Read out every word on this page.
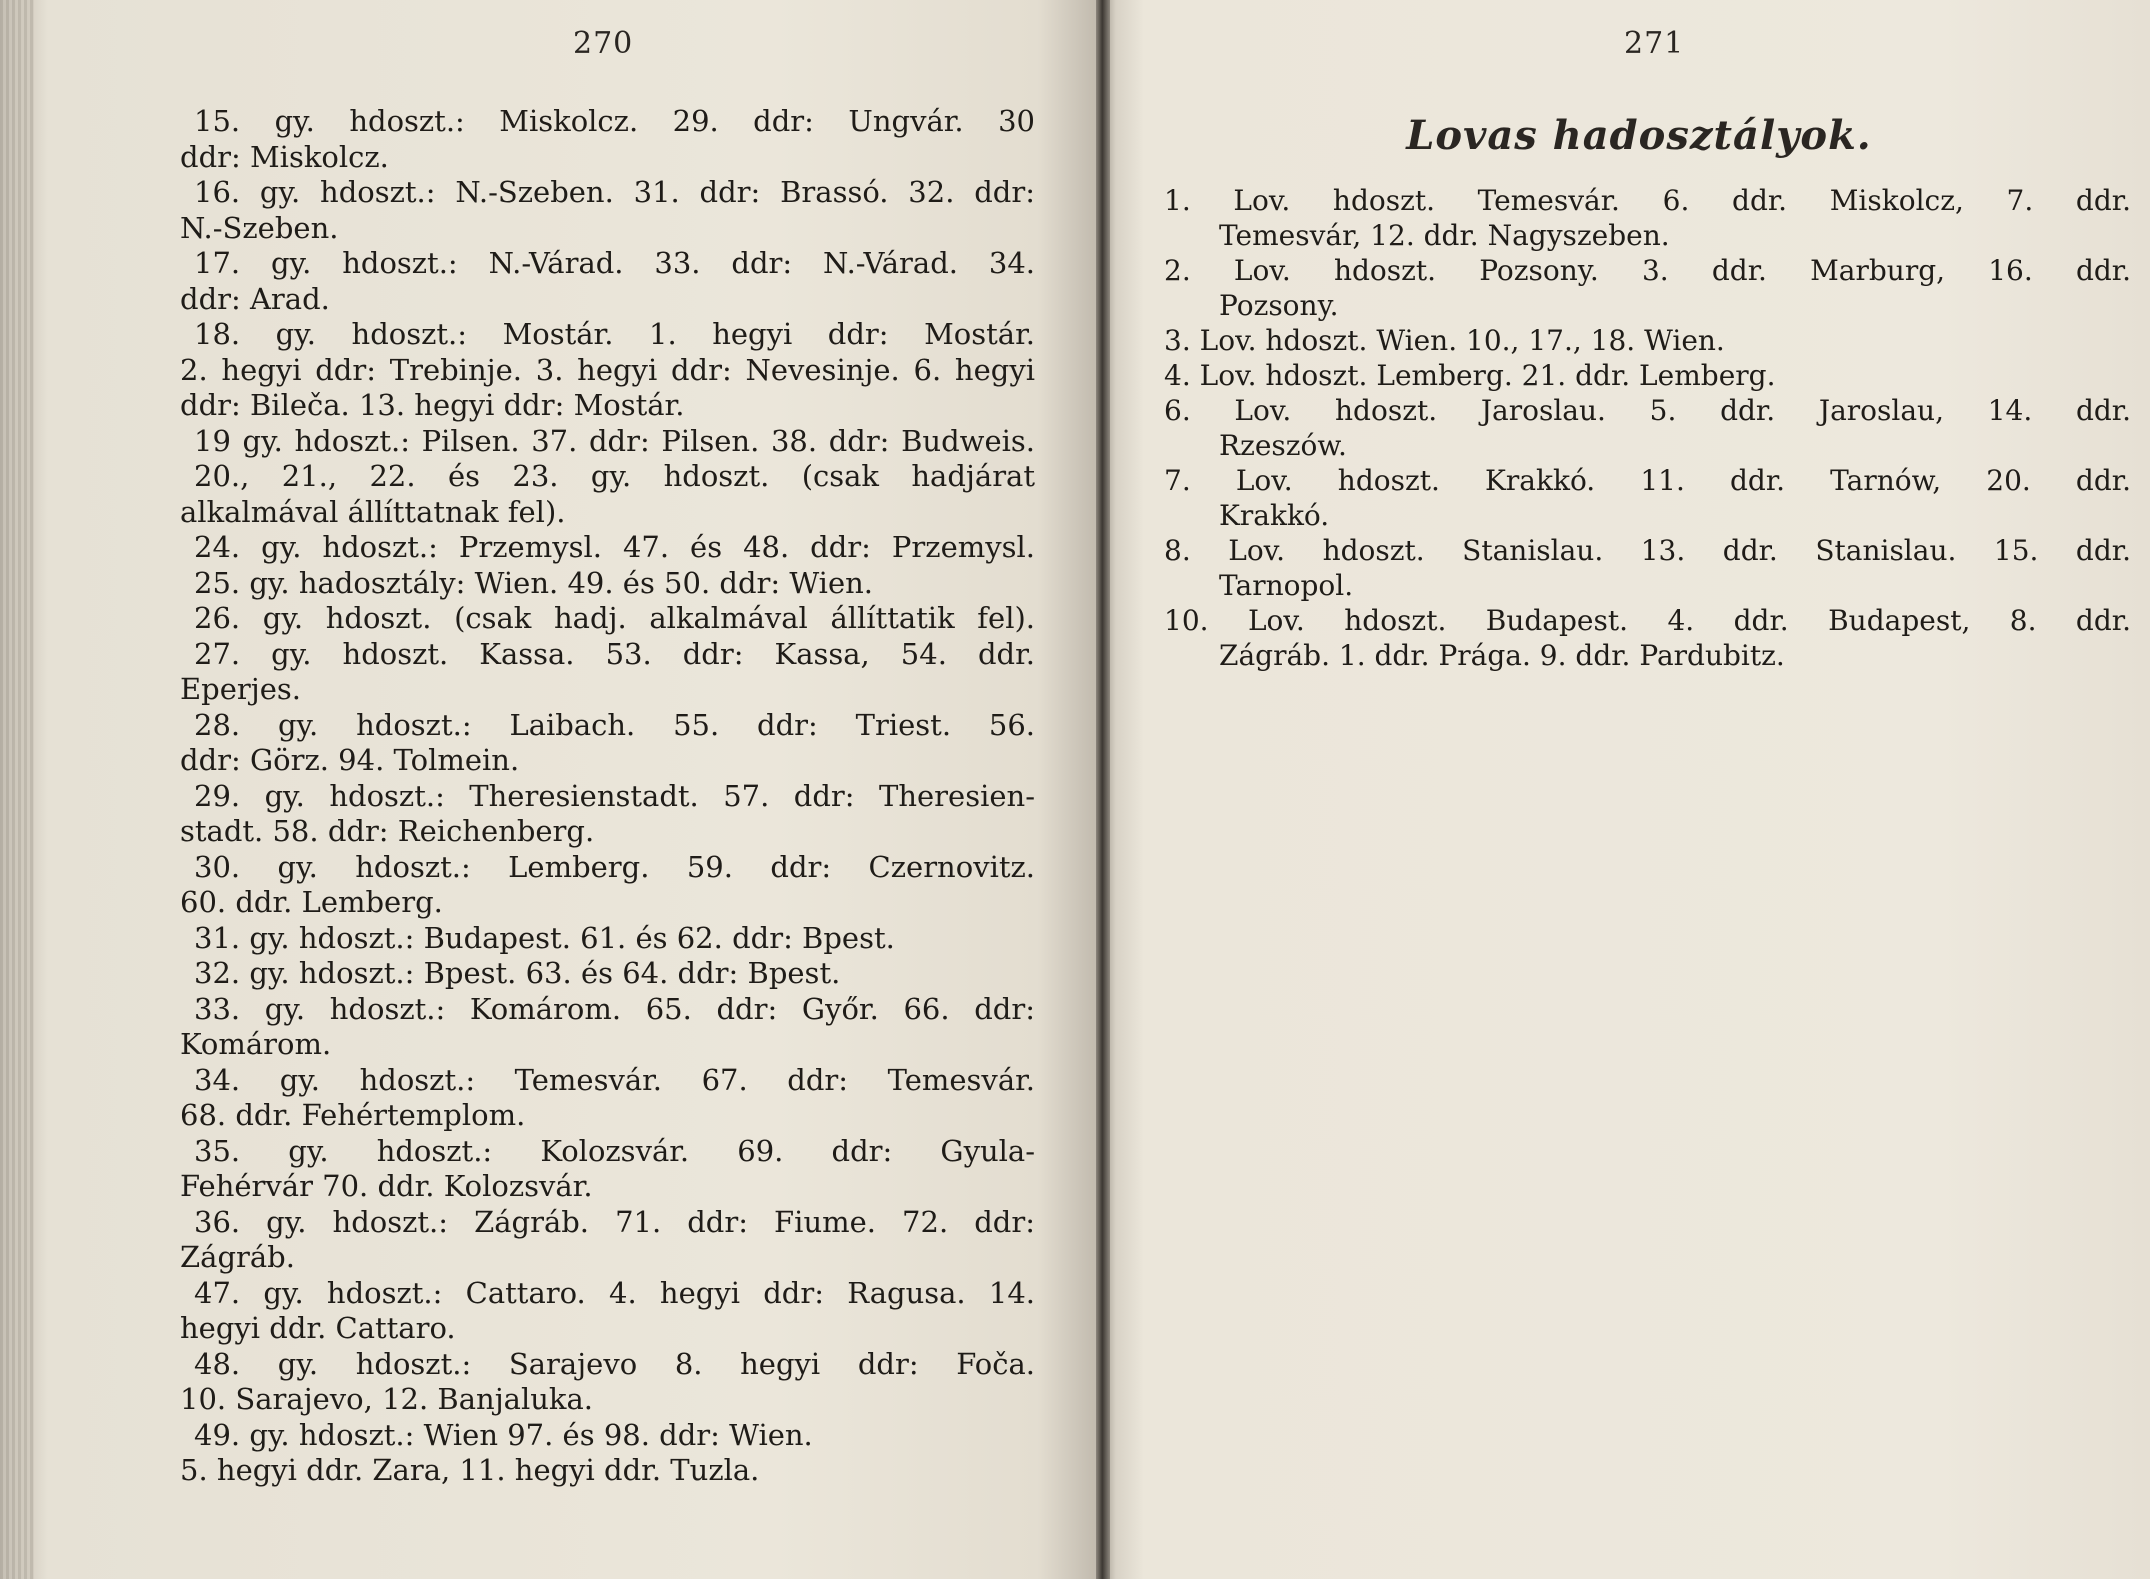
270
15. gy. hdoszt.: Miskolcz. 29. ddr: Ungvár. 30
ddr: Miskolcz.
16. gy. hdoszt.: N.-Szeben. 31. ddr: Brassó. 32. ddr:
N.-Szeben.
17. gy. hdoszt.: N.-Várad. 33. ddr: N.-Várad. 34.
ddr: Arad.
18. gy. hdoszt.: Mostár. 1. hegyi ddr: Mostár.
2. hegyi ddr: Trebinje. 3. hegyi ddr: Nevesinje. 6. hegyi
ddr: Bileča. 13. hegyi ddr: Mostár.
19 gy. hdoszt.: Pilsen. 37. ddr: Pilsen. 38. ddr: Budweis.
20., 21., 22. és 23. gy. hdoszt. (csak hadjárat
alkalmával állíttatnak fel).
24. gy. hdoszt.: Przemysl. 47. és 48. ddr: Przemysl.
25. gy. hadosztály: Wien. 49. és 50. ddr: Wien.
26. gy. hdoszt. (csak hadj. alkalmával állíttatik fel).
27. gy. hdoszt. Kassa. 53. ddr: Kassa, 54. ddr.
Eperjes.
28. gy. hdoszt.: Laibach. 55. ddr: Triest. 56.
ddr: Görz. 94. Tolmein.
29. gy. hdoszt.: Theresienstadt. 57. ddr: Theresien-
stadt. 58. ddr: Reichenberg.
30. gy. hdoszt.: Lemberg. 59. ddr: Czernovitz.
60. ddr. Lemberg.
31. gy. hdoszt.: Budapest. 61. és 62. ddr: Bpest.
32. gy. hdoszt.: Bpest. 63. és 64. ddr: Bpest.
33. gy. hdoszt.: Komárom. 65. ddr: Győr. 66. ddr:
Komárom.
34. gy. hdoszt.: Temesvár. 67. ddr: Temesvár.
68. ddr. Fehértemplom.
35. gy. hdoszt.: Kolozsvár. 69. ddr: Gyula-
Fehérvár 70. ddr. Kolozsvár.
36. gy. hdoszt.: Zágráb. 71. ddr: Fiume. 72. ddr:
Zágráb.
47. gy. hdoszt.: Cattaro. 4. hegyi ddr: Ragusa. 14.
hegyi ddr. Cattaro.
48. gy. hdoszt.: Sarajevo 8. hegyi ddr: Foča.
10. Sarajevo, 12. Banjaluka.
49. gy. hdoszt.: Wien 97. és 98. ddr: Wien.
5. hegyi ddr. Zara, 11. hegyi ddr. Tuzla.
271
Lovas hadosztályok.
1. Lov. hdoszt. Temesvár. 6. ddr. Miskolcz, 7. ddr.
Temesvár, 12. ddr. Nagyszeben.
2. Lov. hdoszt. Pozsony. 3. ddr. Marburg, 16. ddr.
Pozsony.
3. Lov. hdoszt. Wien. 10., 17., 18. Wien.
4. Lov. hdoszt. Lemberg. 21. ddr. Lemberg.
6. Lov. hdoszt. Jaroslau. 5. ddr. Jaroslau, 14. ddr.
Rzeszów.
7. Lov. hdoszt. Krakkó. 11. ddr. Tarnów, 20. ddr.
Krakkó.
8. Lov. hdoszt. Stanislau. 13. ddr. Stanislau. 15. ddr.
Tarnopol.
10. Lov. hdoszt. Budapest. 4. ddr. Budapest, 8. ddr.
Zágráb. 1. ddr. Prága. 9. ddr. Pardubitz.
